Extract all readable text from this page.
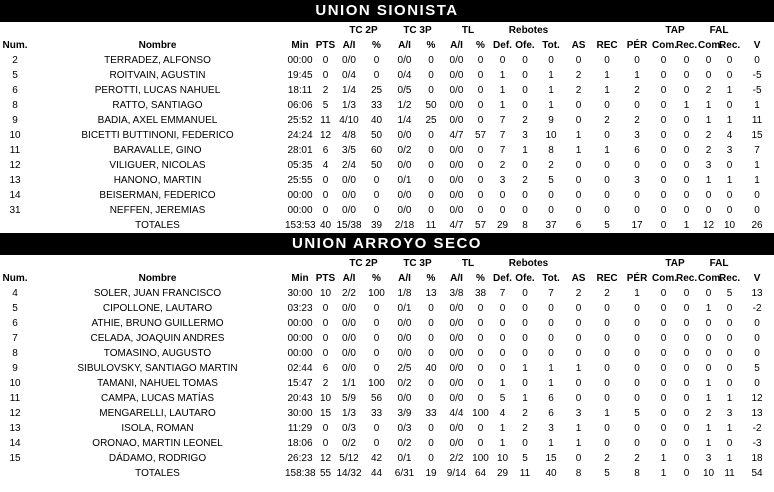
UNION SIONISTA
				TC 2P		TC 3P		TL		Rebotes						TAP		FAL		
Num.	Nombre	Min	PTS	A/I	%	A/I	%	A/I	%	Def.	Ofe.	Tot.	AS	REC	PÉR	Com.	Rec.	Com.	Rec.	V
2	TERRADEZ, ALFONSO	00:00	0	0/0	0	0/0	0	0/0	0	0	0	0	0	0	0	0	0	0	0	0
5	ROITVAIN, AGUSTIN	19:45	0	0/4	0	0/4	0	0/0	0	1	0	1	2	1	1	0	0	0	0	-5
6	PEROTTI, LUCAS NAHUEL	18:11	2	1/4	25	0/5	0	0/0	0	1	0	1	2	1	2	0	0	2	1	-5
8	RATTO, SANTIAGO	06:06	5	1/3	33	1/2	50	0/0	0	1	0	1	0	0	0	0	1	1	0	1
9	BADIA, AXEL EMMANUEL	25:52	11	4/10	40	1/4	25	0/0	0	7	2	9	0	2	2	0	0	1	1	11
10	BICETTI BUTTINONI, FEDERICO	24:24	12	4/8	50	0/0	0	4/7	57	7	3	10	1	0	3	0	0	2	4	15
11	BARAVALLE, GINO	28:01	6	3/5	60	0/2	0	0/0	0	7	1	8	1	1	6	0	0	2	3	7
12	VILIGUER, NICOLAS	05:35	4	2/4	50	0/0	0	0/0	0	2	0	2	0	0	0	0	0	3	0	1
13	HANONO, MARTIN	25:55	0	0/0	0	0/1	0	0/0	0	3	2	5	0	0	3	0	0	1	1	1
14	BEISERMAN, FEDERICO	00:00	0	0/0	0	0/0	0	0/0	0	0	0	0	0	0	0	0	0	0	0	0
31	NEFFEN, JEREMIAS	00:00	0	0/0	0	0/0	0	0/0	0	0	0	0	0	0	0	0	0	0	0	0
	TOTALES	153:53	40	15/38	39	2/18	11	4/7	57	29	8	37	6	5	17	0	1	12	10	26
UNION ARROYO SECO
				TC 2P		TC 3P		TL		Rebotes						TAP		FAL		
Num.	Nombre	Min	PTS	A/I	%	A/I	%	A/I	%	Def.	Ofe.	Tot.	AS	REC	PÉR	Com.	Rec.	Com.	Rec.	V
4	SOLER, JUAN FRANCISCO	30:00	10	2/2	100	1/8	13	3/8	38	7	0	7	2	2	1	0	0	0	5	13
5	CIPOLLONE, LAUTARO	03:23	0	0/0	0	0/1	0	0/0	0	0	0	0	0	0	0	0	0	1	0	-2
6	ATHIE, BRUNO GUILLERMO	00:00	0	0/0	0	0/0	0	0/0	0	0	0	0	0	0	0	0	0	0	0	0
7	CELADA, JOAQUIN ANDRES	00:00	0	0/0	0	0/0	0	0/0	0	0	0	0	0	0	0	0	0	0	0	0
8	TOMASINO, AUGUSTO	00:00	0	0/0	0	0/0	0	0/0	0	0	0	0	0	0	0	0	0	0	0	0
9	SIBULOVSKY, SANTIAGO MARTIN	02:44	6	0/0	0	2/5	40	0/0	0	0	1	1	1	0	0	0	0	0	0	5
10	TAMANI, NAHUEL TOMAS	15:47	2	1/1	100	0/2	0	0/0	0	1	0	1	0	0	0	0	0	1	0	0
11	CAMPA, LUCAS MATÍAS	20:43	10	5/9	56	0/0	0	0/0	0	5	1	6	0	0	0	0	0	1	1	12
12	MENGARELLI, LAUTARO	30:00	15	1/3	33	3/9	33	4/4	100	4	2	6	3	1	5	0	0	2	3	13
13	ISOLA, ROMAN	11:29	0	0/3	0	0/3	0	0/0	0	1	2	3	1	0	0	0	0	1	1	-2
14	ORONAO, MARTIN LEONEL	18:06	0	0/2	0	0/2	0	0/0	0	1	0	1	1	0	0	0	0	1	0	-3
15	DÁDAMO, RODRIGO	26:23	12	5/12	42	0/1	0	2/2	100	10	5	15	0	2	2	1	0	3	1	18
	TOTALES	158:38	55	14/32	44	6/31	19	9/14	64	29	11	40	8	5	8	1	0	10	11	54
